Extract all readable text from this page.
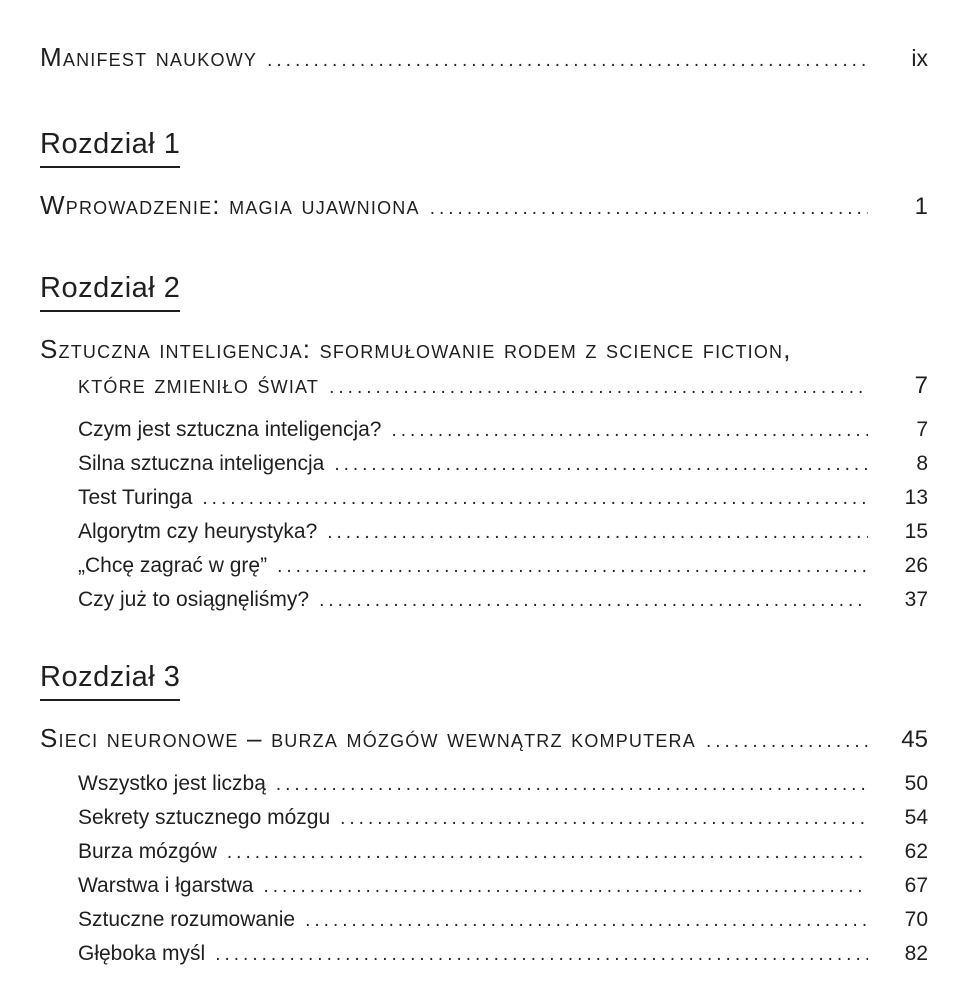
Manifest naukowy .....	ix
Rozdział 1
Wprowadzenie: magia ujawniona .....	1
Rozdział 2
Sztuczna inteligencja: sformułowanie rodem z science fiction,
które zmieniło świat .....	7
Czym jest sztuczna inteligencja? .....	7
Silna sztuczna inteligencja .....	8
Test Turinga .....	13
Algorytm czy heurystyka? .....	15
„Chcę zagrać w grę” .....	26
Czy już to osiągnęliśmy? .....	37
Rozdział 3
Sieci neuronowe – burza mózgów wewnątrz komputera .....	45
Wszystko jest liczbą .....	50
Sekrety sztucznego mózgu .....	54
Burza mózgów .....	62
Warstwa i łgarstwa .....	67
Sztuczne rozumowanie .....	70
Głęboka myśl .....	82
